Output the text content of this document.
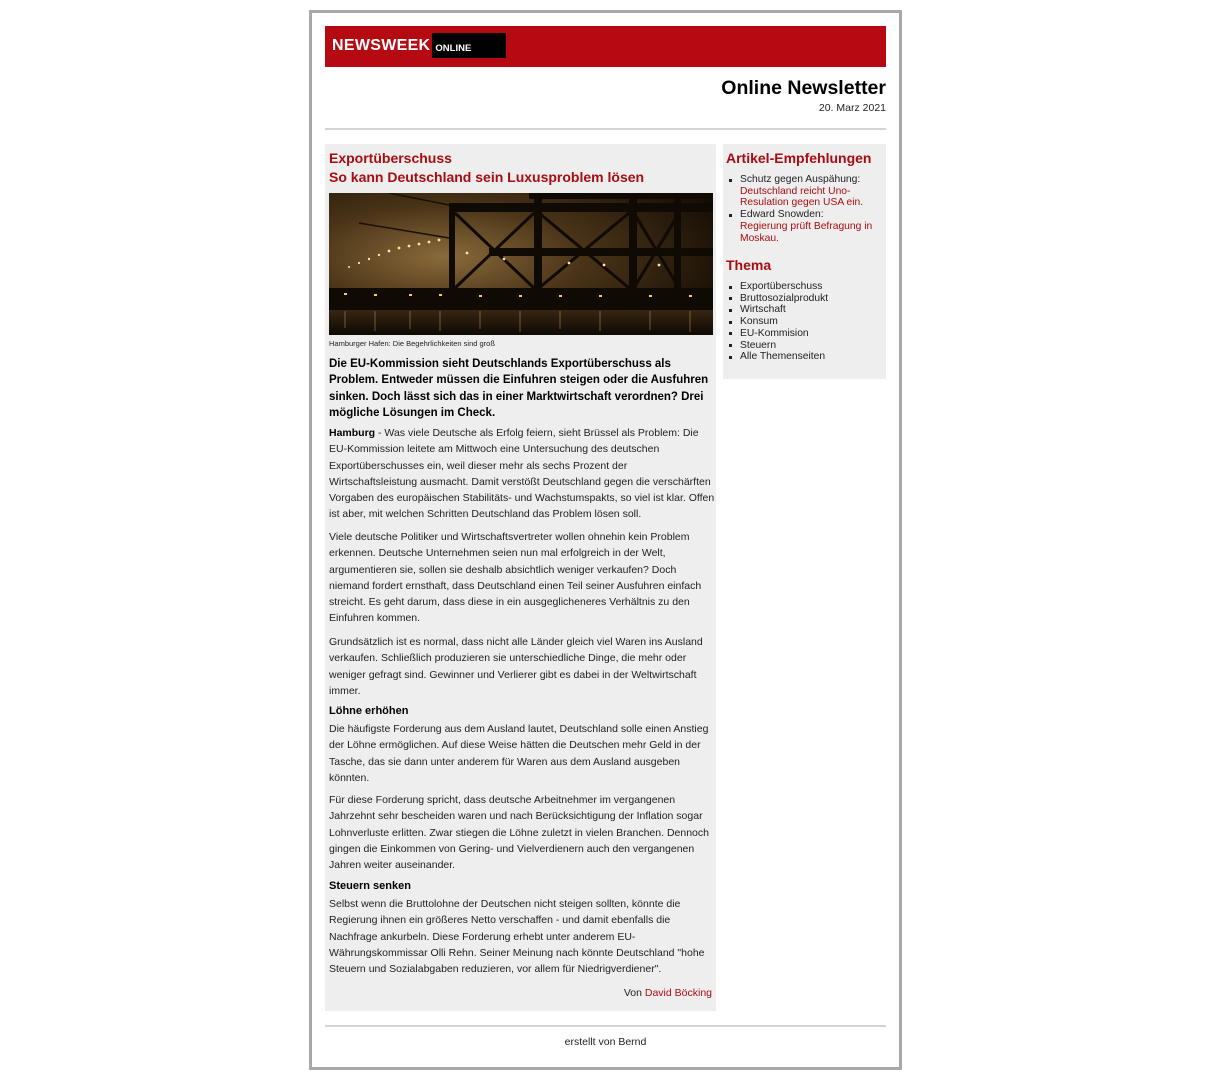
NEWSWEEK ONLINE
Online Newsletter
20. Marz 2021
Exportüberschuss
So kann Deutschland sein Luxusproblem lösen
Hamburger Hafen: Die Begehrlichkeiten sind groß
Die EU-Kommission sieht Deutschlands Exportüberschuss als Problem. Entweder müssen die Einfuhren steigen oder die Ausfuhren sinken. Doch lässt sich das in einer Marktwirtschaft verordnen? Drei mögliche Lösungen im Check.

Hamburg - Was viele Deutsche als Erfolg feiern, sieht Brüssel als Problem: Die EU-Kommission leitete am Mittwoch eine Untersuchung des deutschen Exportüberschusses ein, weil dieser mehr als sechs Prozent der Wirtschaftsleistung ausmacht. Damit verstößt Deutschland gegen die verschärften Vorgaben des europäischen Stabilitäts- und Wachstumspakts, so viel ist klar. Offen ist aber, mit welchen Schritten Deutschland das Problem lösen soll.

Viele deutsche Politiker und Wirtschaftsvertreter wollen ohnehin kein Problem erkennen. Deutsche Unternehmen seien nun mal erfolgreich in der Welt, argumentieren sie, sollen sie deshalb absichtlich weniger verkaufen? Doch niemand fordert ernsthaft, dass Deutschland einen Teil seiner Ausfuhren einfach streicht. Es geht darum, dass diese in ein ausgeglicheneres Verhältnis zu den Einfuhren kommen.

Grundsätzlich ist es normal, dass nicht alle Länder gleich viel Waren ins Ausland verkaufen. Schließlich produzieren sie unterschiedliche Dinge, die mehr oder weniger gefragt sind. Gewinner und Verlierer gibt es dabei in der Weltwirtschaft immer.

Löhne erhöhen

Die häufigste Forderung aus dem Ausland lautet, Deutschland solle einen Anstieg der Löhne ermöglichen. Auf diese Weise hätten die Deutschen mehr Geld in der Tasche, das sie dann unter anderem für Waren aus dem Ausland ausgeben könnten.

Für diese Forderung spricht, dass deutsche Arbeitnehmer im vergangenen Jahrzehnt sehr bescheiden waren und nach Berücksichtigung der Inflation sogar Lohnverluste erlitten. Zwar stiegen die Löhne zuletzt in vielen Branchen. Dennoch gingen die Einkommen von Gering- und Vielverdienern auch den vergangenen Jahren weiter auseinander.

Steuern senken

Selbst wenn die Bruttolohne der Deutschen nicht steigen sollten, könnte die Regierung ihnen ein größeres Netto verschaffen - und damit ebenfalls die Nachfrage ankurbeln. Diese Forderung erhebt unter anderem EU-Währungskommissar Olli Rehn. Seiner Meinung nach könnte Deutschland "hohe Steuern und Sozialabgaben reduzieren, vor allem für Niedrigverdiener".

Von David Böcking
Artikel-Empfehlungen
Schutz gegen Auspähung:
Deutschland reicht Uno-Resulation gegen USA ein.
Edward Snowden:
Regierung prüft Befragung in Moskau.
Thema
Exportüberschuss
Bruttosozialprodukt
Wirtschaft
Konsum
EU-Kommision
Steuern
Alle Themenseiten
erstellt von Bernd
